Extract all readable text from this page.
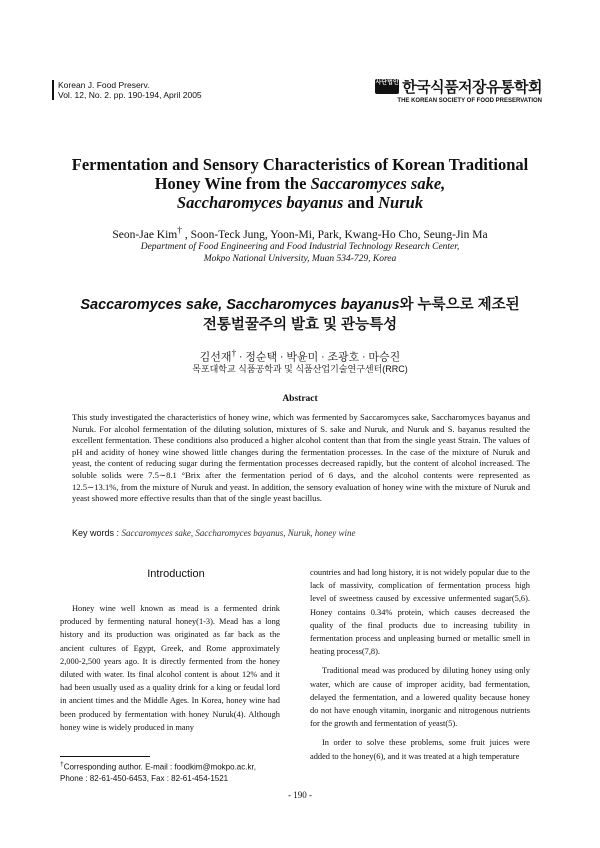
Korean J. Food Preserv.
Vol. 12, No. 2. pp. 190-194, April 2005
사단법인 한국식품저장유통학회
THE KOREAN SOCIETY OF FOOD PRESERVATION
Fermentation and Sensory Characteristics of Korean Traditional
Honey Wine from the Saccaromyces sake,
Saccharomyces bayanus and Nuruk
Seon-Jae Kim† , Soon-Teck Jung, Yoon-Mi, Park, Kwang-Ho Cho, Seung-Jin Ma
Department of Food Engineering and Food Industrial Technology Research Center,
Mokpo National University, Muan 534-729, Korea
Saccaromyces sake, Saccharomyces bayanus와 누룩으로 제조된
전통벌꿀주의 발효 및 관능특성
김선재† · 정순택 · 박윤미 · 조광호 · 마승진
목포대학교 식품공학과 및 식품산업기술연구센터(RRC)
Abstract
This study investigated the characteristics of honey wine, which was fermented by Saccaromyces sake, Saccharomyces bayanus and Nuruk. For alcohol fermentation of the diluting solution, mixtures of S. sake and Nuruk, and Nuruk and S. bayanus resulted the excellent fermentation. These conditions also produced a higher alcohol content than that from the single yeast Strain. The values of pH and acidity of honey wine showed little changes during the fermentation processes. In the case of the mixture of Nuruk and yeast, the content of reducing sugar during the fermentation processes decreased rapidly, but the content of alcohol increased. The soluble solids were 7.5∼8.1 °Brix after the fermentation period of 6 days, and the alcohol contents were represented as 12.5∼13.1%, from the mixture of Nuruk and yeast. In addition, the sensory evaluation of honey wine with the mixture of Nuruk and yeast showed more effective results than that of the single yeast bacillus.
Key words : Saccaromyces sake, Saccharomyces bayanus, Nuruk, honey wine
Introduction
Honey wine well known as mead is a fermented drink produced by fermenting natural honey(1-3). Mead has a long history and its production was originated as far back as the ancient cultures of Egypt, Greek, and Rome approximately 2,000-2,500 years ago. It is directly fermented from the honey diluted with water. Its final alcohol content is about 12% and it had been usually used as a quality drink for a king or feudal lord in ancient times and the Middle Ages. In Korea, honey wine had been produced by fermentation with honey Nuruk(4). Although honey wine is widely produced in many

countries and had long history, it is not widely popular due to the lack of massivity, complication of fermentation process high level of sweetness caused by excessive unfermented sugar(5,6). Honey contains 0.34% protein, which causes decreased the quality of the final products due to increasing tubility in fermentation process and unpleasing burned or metallic smell in heating process(7,8).

Traditional mead was produced by diluting honey using only water, which are cause of improper acidity, bad fermentation, delayed the fermentation, and a lowered quality because honey do not have enough vitamin, inorganic and nitrogenous nutrients for the growth and fermentation of yeast(5).

In order to solve these problems, some fruit juices were added to the honey(6), and it was treated at a high temperature

†Corresponding author. E-mail : foodkim@mokpo.ac.kr,
Phone : 82-61-450-6453, Fax : 82-61-454-1521
- 190 -
